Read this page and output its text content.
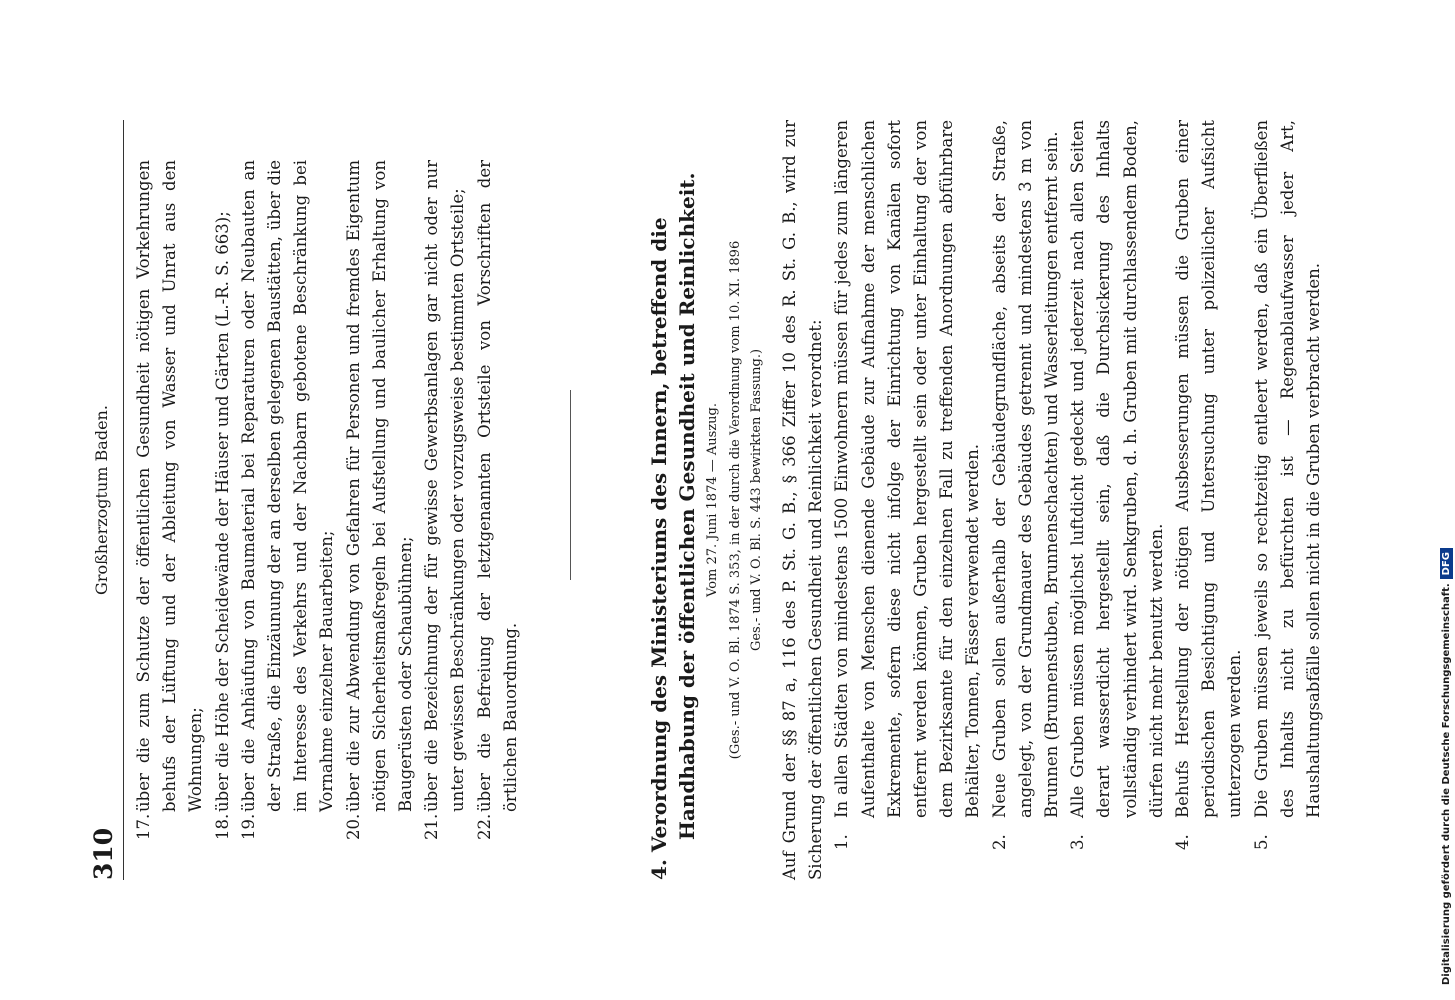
310
Großherzogtum Baden.
17.
über die zum Schutze der öffentlichen Gesundheit nötigen Vorkehrungen behufs der Lüftung und der Ableitung von Wasser und Unrat aus den Wohnungen;
18.
über die Höhe der Scheidewände der Häuser und Gärten (L.-R. S. 663);
19.
über die Anhäufung von Baumaterial bei Reparaturen oder Neubauten an der Straße, die Einzäunung der an derselben gelegenen Baustätten, über die im Interesse des Verkehrs und der Nachbarn gebotene Beschränkung bei Vornahme einzelner Bauarbeiten;
20.
über die zur Abwendung von Gefahren für Personen und fremdes Eigentum nötigen Sicherheitsmaßregeln bei Aufstellung und baulicher Erhaltung von Baugerüsten oder Schaubühnen;
21.
über die Bezeichnung der für gewisse Gewerbsanlagen gar nicht oder nur unter gewissen Beschränkungen oder vorzugsweise bestimmten Ortsteile;
22.
über die Befreiung der letztgenannten Ortsteile von Vorschriften der örtlichen Bauordnung.	4. Verordnung des Ministeriums des Innern, betreffend die Handhabung der öffentlichen Gesundheit und Reinlichkeit. Vom 27. Juni 1874 — Auszug. (Ges.- und V. O. Bl. 1874 S. 353, in der durch die Verordnung vom 10. XI. 1896 Ges.- und V. O. Bl. S. 443 bewirkten Fassung.) Auf Grund der §§ 87 a, 116 des P. St. G. B., § 366 Ziffer 10 des R. St. G. B., wird zur Sicherung der öffentlichen Gesundheit und Reinlichkeit verordnet: 1.
In allen Städten von mindestens 1500 Einwohnern müssen für jedes zum längeren Aufenthalte von Menschen dienende Gebäude zur Aufnahme der menschlichen Exkremente, sofern diese nicht infolge der Einrichtung von Kanälen sofort entfernt werden können, Gruben hergestellt sein oder unter Einhaltung der von dem Bezirksamte für den einzelnen Fall zu treffenden Anordnungen abführbare Behälter, Tonnen, Fässer verwendet werden.
2.
Neue Gruben sollen außerhalb der Gebäudegrundfläche, abseits der Straße, angelegt, von der Grundmauer des Gebäudes getrennt und mindestens 3 m von Brunnen (Brunnenstuben, Brunnenschachten) und Wasserleitungen entfernt sein.
3.
Alle Gruben müssen möglichst luftdicht gedeckt und jederzeit nach allen Seiten derart wasserdicht hergestellt sein, daß die Durchsickerung des Inhalts vollständig verhindert wird. Senkgruben, d. h. Gruben mit durchlassendem Boden, dürfen nicht mehr benutzt werden.
4.
Behufs Herstellung der nötigen Ausbesserungen müssen die Gruben einer periodischen Besichtigung und Untersuchung unter polizeilicher Aufsicht unterzogen werden.
5.
Die Gruben müssen jeweils so rechtzeitig entleert werden, daß ein Überfließen des Inhalts nicht zu befürchten ist — Regenablaufwasser jeder Art, Haushaltungsabfälle sollen nicht in die Gruben verbracht werden.	Digitalisierung gefördert durch die Deutsche Forschungsgemeinschaft.DFG
